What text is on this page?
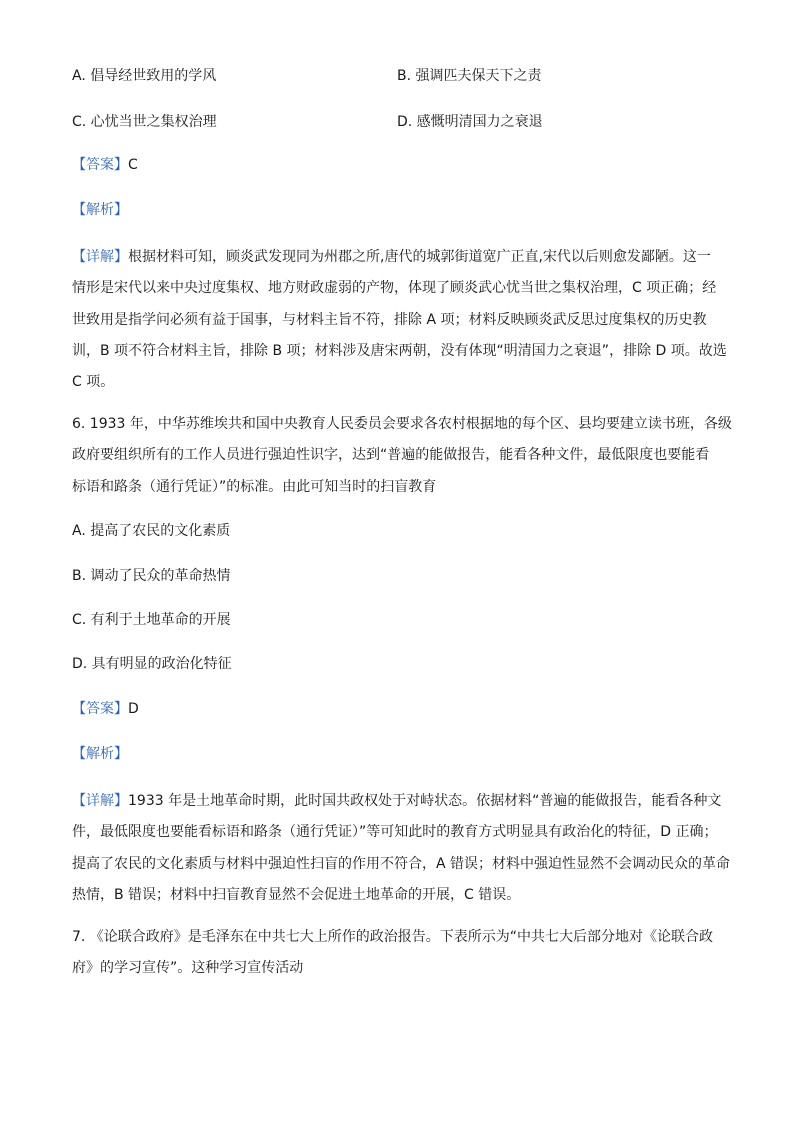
A. 倡导经世致用的学风	B. 强调匹夫保天下之责
C. 心忧当世之集权治理	D. 感慨明清国力之衰退
【答案】C
【解析】
【详解】根据材料可知，顾炎武发现同为州郡之所,唐代的城郭街道宽广正直,宋代以后则愈发鄙陋。这一
情形是宋代以来中央过度集权、地方财政虚弱的产物，体现了顾炎武心忧当世之集权治理，C 项正确；经
世致用是指学问必须有益于国事，与材料主旨不符，排除 A 项；材料反映顾炎武反思过度集权的历史教
训，B 项不符合材料主旨，排除 B 项；材料涉及唐宋两朝，没有体现“明清国力之衰退”，排除 D 项。故选
C 项。
6. 1933 年，中华苏维埃共和国中央教育人民委员会要求各农村根据地的每个区、县均要建立读书班，各级
政府要组织所有的工作人员进行强迫性识字，达到“普遍的能做报告，能看各种文件，最低限度也要能看
标语和路条（通行凭证）”的标准。由此可知当时的扫盲教育
A. 提高了农民的文化素质
B. 调动了民众的革命热情
C. 有利于土地革命的开展
D. 具有明显的政治化特征
【答案】D
【解析】
【详解】1933 年是土地革命时期，此时国共政权处于对峙状态。依据材料“普遍的能做报告，能看各种文
件，最低限度也要能看标语和路条（通行凭证）”等可知此时的教育方式明显具有政治化的特征，D 正确；
提高了农民的文化素质与材料中强迫性扫盲的作用不符合，A 错误；材料中强迫性显然不会调动民众的革命
热情，B 错误；材料中扫盲教育显然不会促进土地革命的开展，C 错误。
7. 《论联合政府》是毛泽东在中共七大上所作的政治报告。下表所示为“中共七大后部分地对《论联合政
府》的学习宣传”。这种学习宣传活动
